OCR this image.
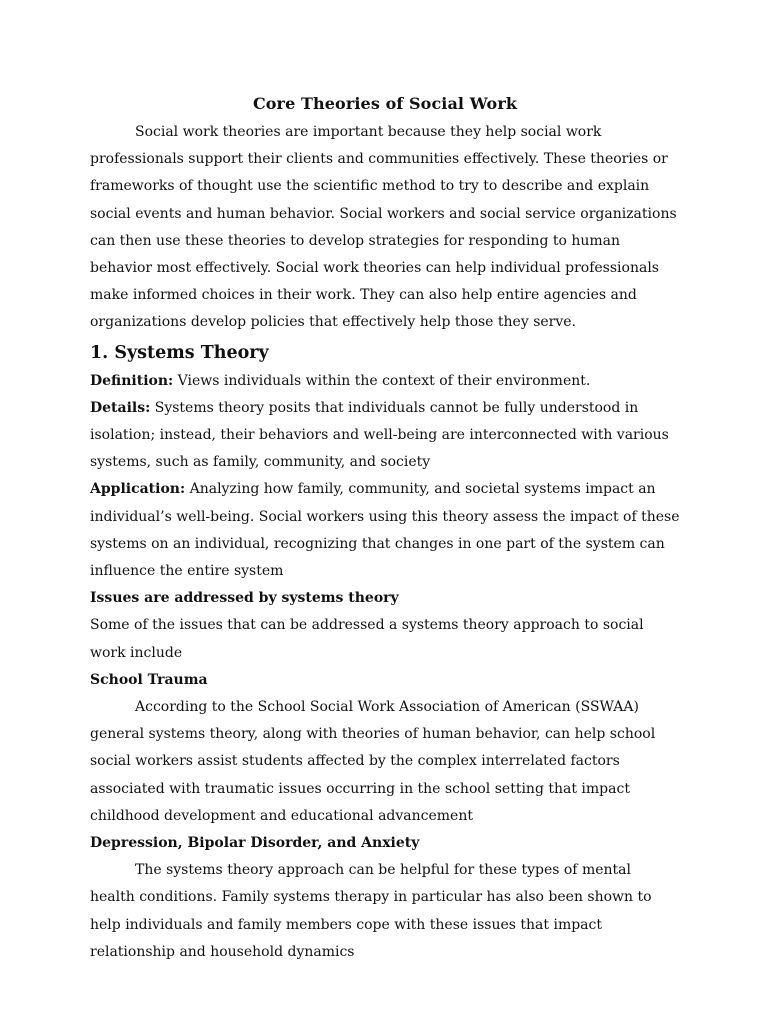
Core Theories of Social Work

Social work theories are important because they help social work professionals support their clients and communities effectively. These theories or frameworks of thought use the scientific method to try to describe and explain social events and human behavior. Social workers and social service organizations can then use these theories to develop strategies for responding to human behavior most effectively. Social work theories can help individual professionals make informed choices in their work. They can also help entire agencies and organizations develop policies that effectively help those they serve.

1. Systems Theory

Definition: Views individuals within the context of their environment.

Details: Systems theory posits that individuals cannot be fully understood in isolation; instead, their behaviors and well-being are interconnected with various systems, such as family, community, and society

Application: Analyzing how family, community, and societal systems impact an individual’s well-being. Social workers using this theory assess the impact of these systems on an individual, recognizing that changes in one part of the system can influence the entire system

Issues are addressed by systems theory

Some of the issues that can be addressed a systems theory approach to social work include

School Trauma

According to the School Social Work Association of American (SSWAA) general systems theory, along with theories of human behavior, can help school social workers assist students affected by the complex interrelated factors associated with traumatic issues occurring in the school setting that impact childhood development and educational advancement

Depression, Bipolar Disorder, and Anxiety

The systems theory approach can be helpful for these types of mental health conditions. Family systems therapy in particular has also been shown to help individuals and family members cope with these issues that impact relationship and household dynamics
